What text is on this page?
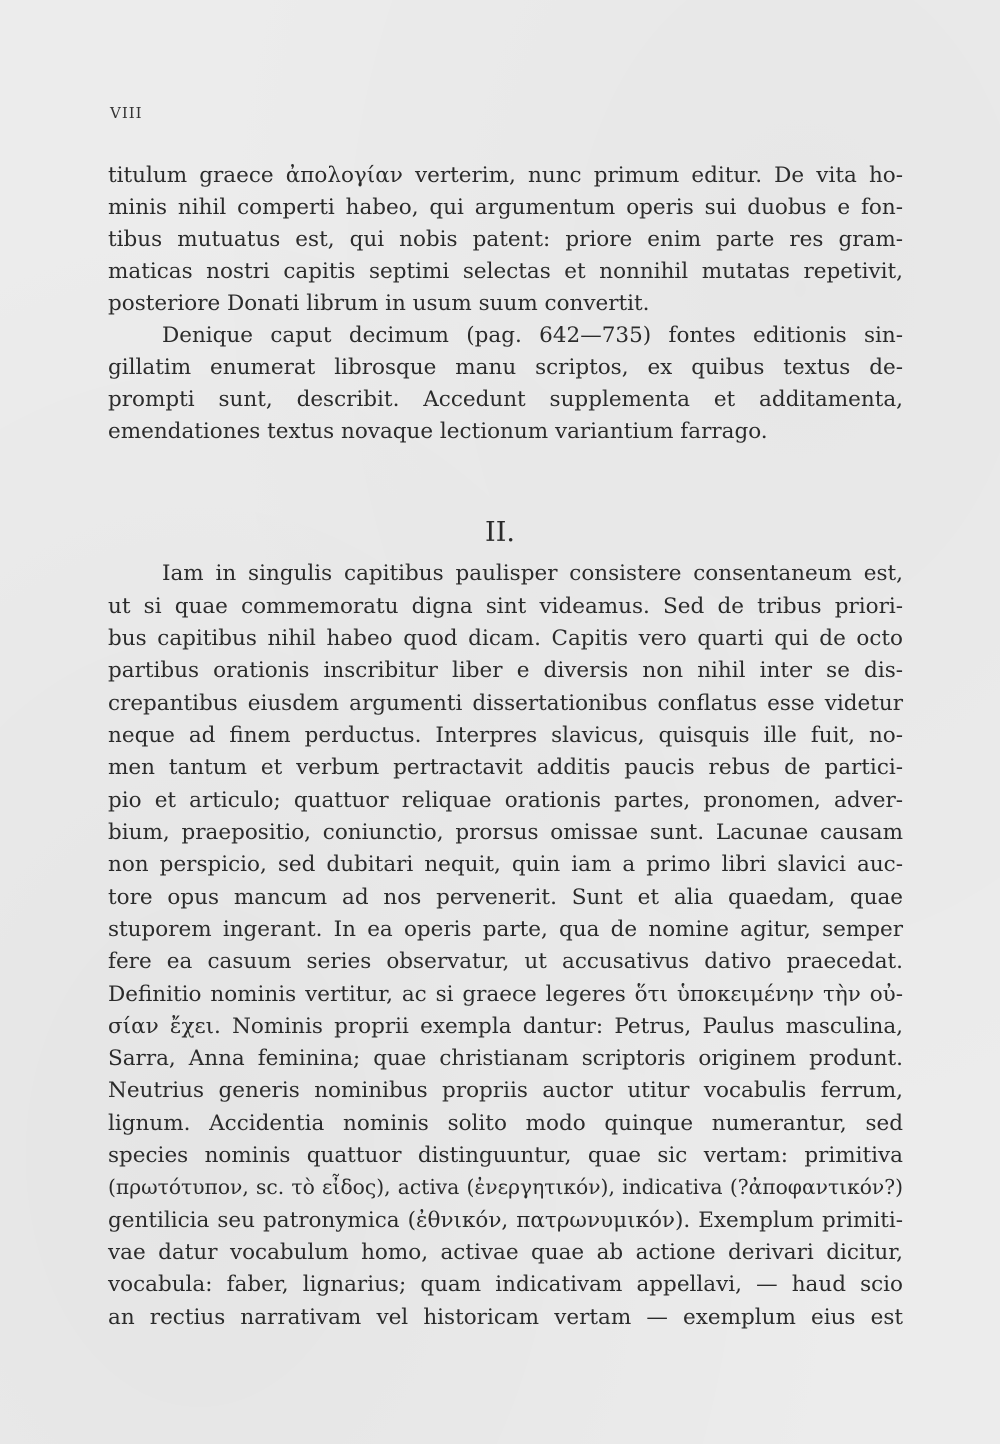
VIII
II.
titulum graece ἀπολογίαν verterim, nunc primum editur. De vita ho-
minis nihil comperti habeo, qui argumentum operis sui duobus e fon-
tibus mutuatus est, qui nobis patent: priore enim parte res gram-
maticas nostri capitis septimi selectas et nonnihil mutatas repetivit,
posteriore Donati librum in usum suum convertit.
Denique caput decimum (pag. 642—735) fontes editionis sin-
gillatim enumerat librosque manu scriptos, ex quibus textus de-
prompti sunt, describit. Accedunt supplementa et additamenta,
emendationes textus novaque lectionum variantium farrago.
Iam in singulis capitibus paulisper consistere consentaneum est,
ut si quae commemoratu digna sint videamus. Sed de tribus priori-
bus capitibus nihil habeo quod dicam. Capitis vero quarti qui de octo
partibus orationis inscribitur liber e diversis non nihil inter se dis-
crepantibus eiusdem argumenti dissertationibus conflatus esse videtur
neque ad finem perductus. Interpres slavicus, quisquis ille fuit, no-
men tantum et verbum pertractavit additis paucis rebus de partici-
pio et articulo; quattuor reliquae orationis partes, pronomen, adver-
bium, praepositio, coniunctio, prorsus omissae sunt. Lacunae causam
non perspicio, sed dubitari nequit, quin iam a primo libri slavici auc-
tore opus mancum ad nos pervenerit. Sunt et alia quaedam, quae
stuporem ingerant. In ea operis parte, qua de nomine agitur, semper
fere ea casuum series observatur, ut accusativus dativo praecedat.
Definitio nominis vertitur, ac si graece legeres ὅτι ὑποκειμένην τὴν οὐ-
σίαν ἔχει. Nominis proprii exempla dantur: Petrus, Paulus masculina,
Sarra, Anna feminina; quae christianam scriptoris originem produnt.
Neutrius generis nominibus propriis auctor utitur vocabulis ferrum,
lignum. Accidentia nominis solito modo quinque numerantur, sed
species nominis quattuor distinguuntur, quae sic vertam: primitiva
(πρωτότυπον, sc. τὸ εἶδος), activa (ἐνεργητικόν), indicativa (?ἀποφαντικόν?)
gentilicia seu patronymica (ἐθνικόν, πατρωνυμικόν). Exemplum primiti-
vae datur vocabulum homo, activae quae ab actione derivari dicitur,
vocabula: faber, lignarius; quam indicativam appellavi, — haud scio
an rectius narrativam vel historicam vertam — exemplum eius est
